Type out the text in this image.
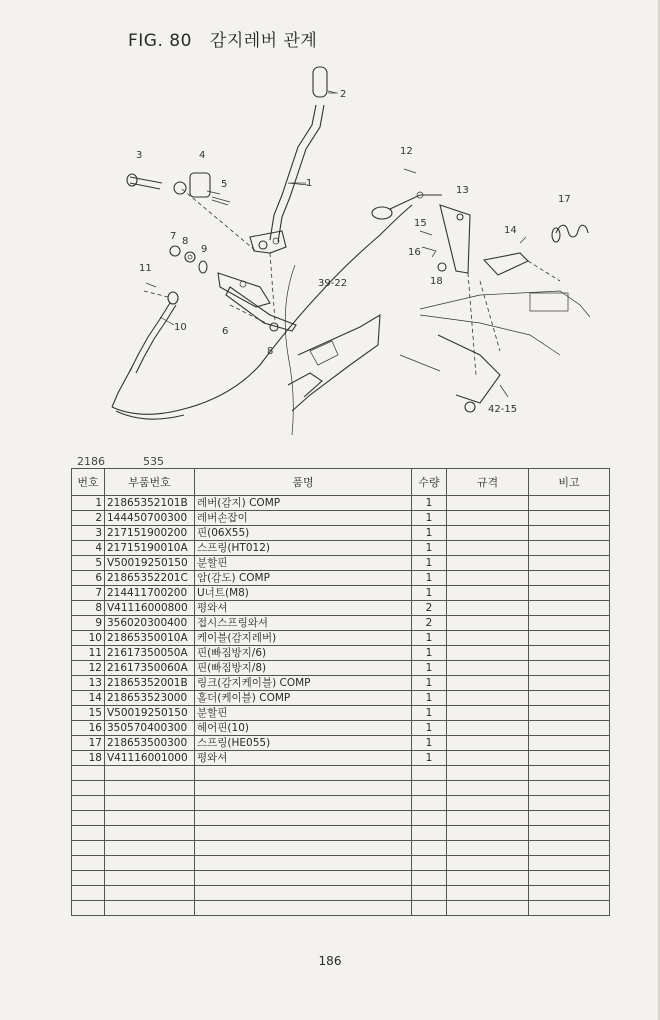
FIG. 80 감지레버 관계
2
1
3	4
5
7 8
9
11
10	6
8
12
13
14
15
16
17
18
39-22
42-15
2186	535
번호	부품번호	품명	수량	규격	비고
1	21865352101B	레버(감지) COMP	1		
2	144450700300	레버손잡이	1		
3	217151900200	핀(06X55)	1		
4	21715190010A	스프링(HT012)	1		
5	V50019250150	분할핀	1		
6	21865352201C	암(감도) COMP	1		
7	214411700200	U너트(M8)	1		
8	V41116000800	평와셔	2		
9	356020300400	접시스프링와셔	2		
10	21865350010A	케이블(감지레버)	1		
11	21617350050A	핀(빠짐방지/6)	1		
12	21617350060A	핀(빠짐방지/8)	1		
13	21865352001B	링크(감지케이블) COMP	1		
14	218653523000	홀더(케이블) COMP	1		
15	V50019250150	분할핀	1		
16	350570400300	헤어핀(10)	1		
17	218653500300	스프링(HE055)	1		
18	V41116001000	평와셔	1		

186
